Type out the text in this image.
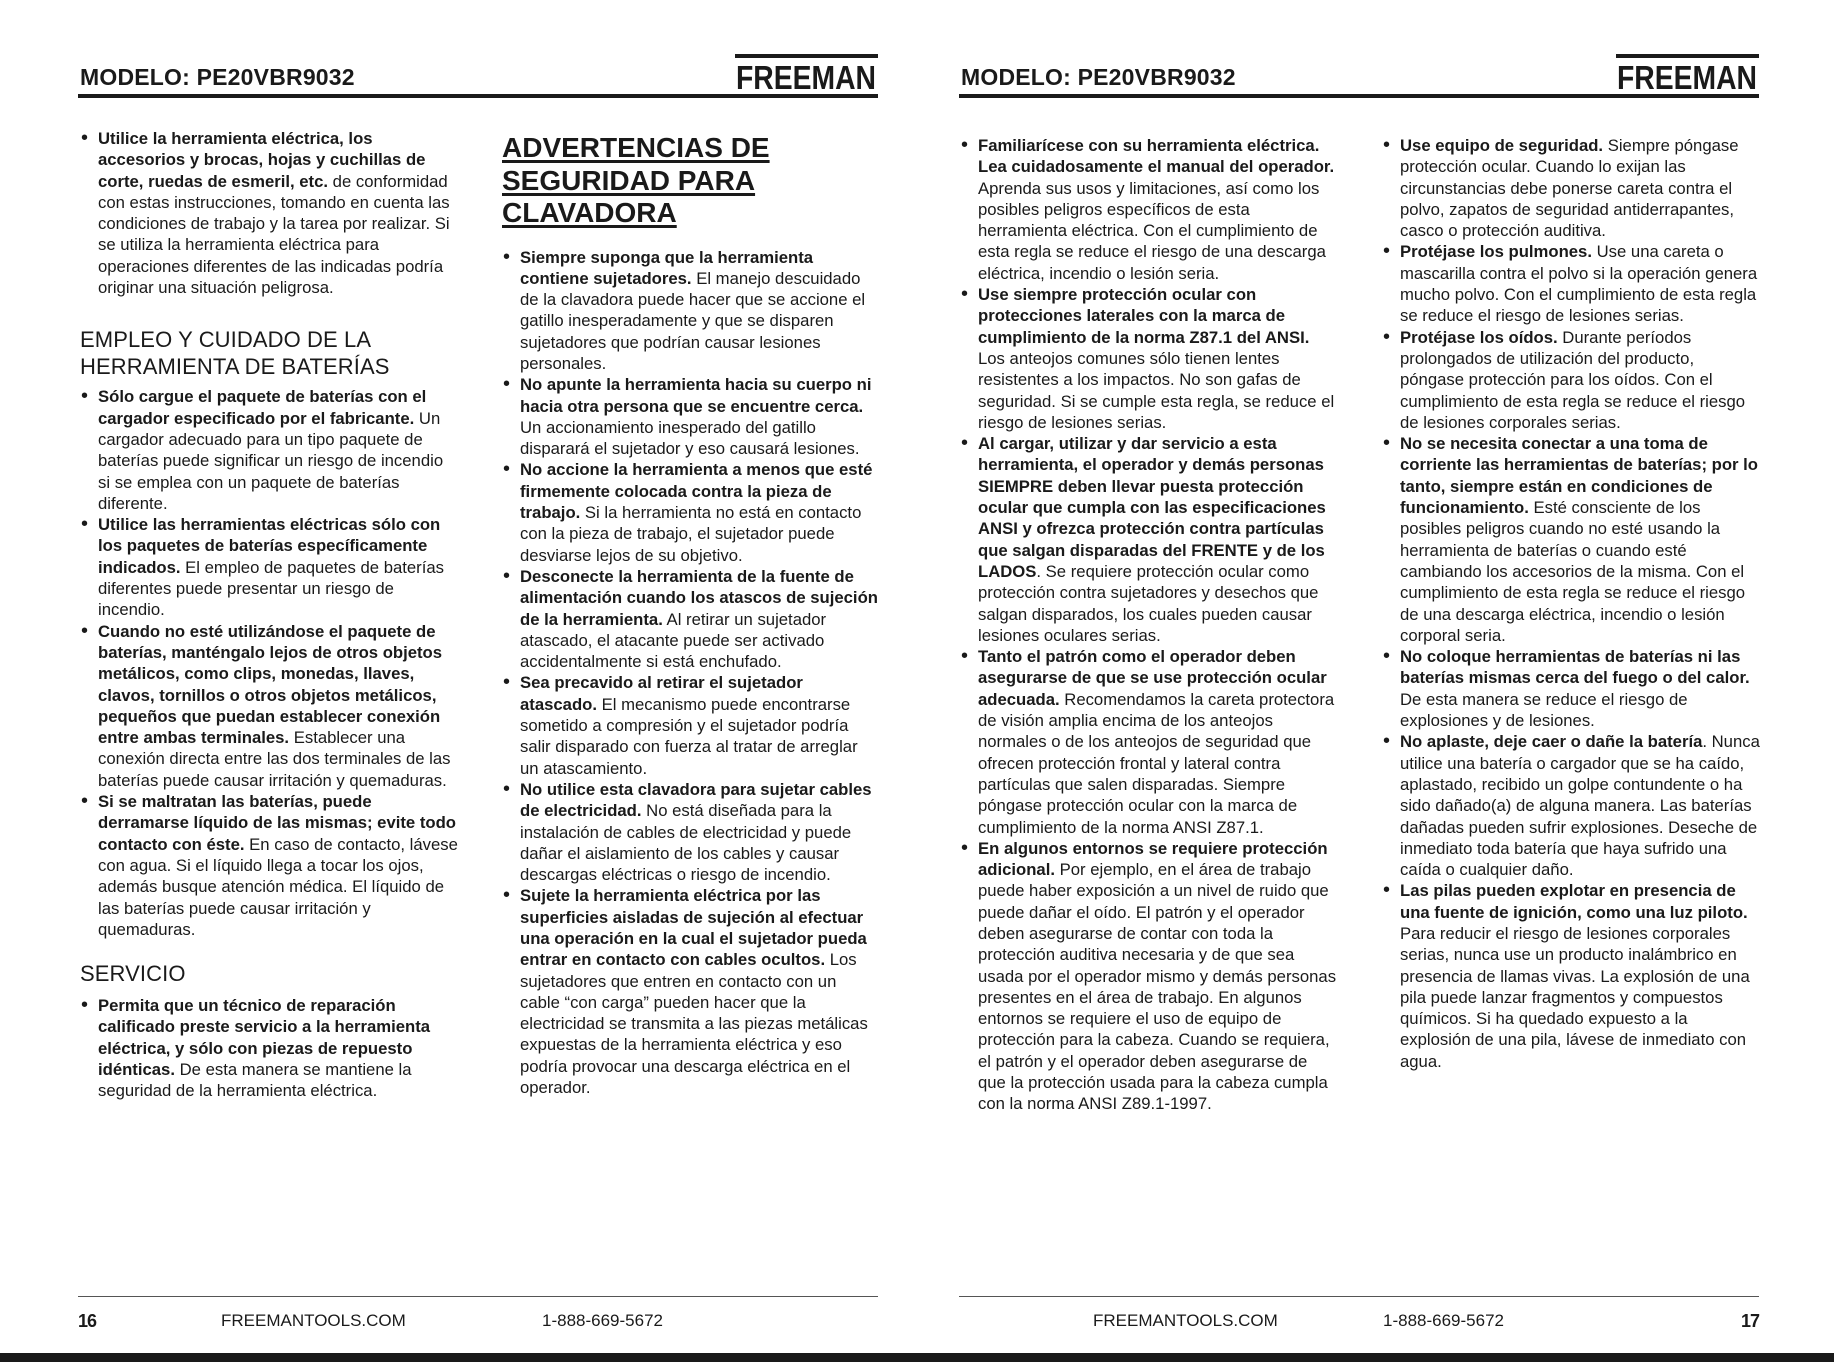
MODELO: PE20VBR9032	FREEMAN
• Utilice la herramienta eléctrica, los accesorios y brocas, hojas y cuchillas de corte, ruedas de esmeril, etc. de conformidad con estas instrucciones, tomando en cuenta las condiciones de trabajo y la tarea por realizar. Si se utiliza la herramienta eléctrica para operaciones diferentes de las indicadas podría originar una situación peligrosa.
EMPLEO Y CUIDADO DE LA HERRAMIENTA DE BATERÍAS
• Sólo cargue el paquete de baterías con el cargador especificado por el fabricante. Un cargador adecuado para un tipo paquete de baterías puede significar un riesgo de incendio si se emplea con un paquete de baterías diferente.
• Utilice las herramientas eléctricas sólo con los paquetes de baterías específicamente indicados. El empleo de paquetes de baterías diferentes puede presentar un riesgo de incendio.
• Cuando no esté utilizándose el paquete de baterías, manténgalo lejos de otros objetos metálicos, como clips, monedas, llaves, clavos, tornillos o otros objetos metálicos, pequeños que puedan establecer conexión entre ambas terminales. Establecer una conexión directa entre las dos terminales de las baterías puede causar irritación y quemaduras.
• Si se maltratan las baterías, puede derramarse líquido de las mismas; evite todo contacto con éste. En caso de contacto, lávese con agua. Si el líquido llega a tocar los ojos, además busque atención médica. El líquido de las baterías puede causar irritación y quemaduras.
SERVICIO
• Permita que un técnico de reparación calificado preste servicio a la herramienta eléctrica, y sólo con piezas de repuesto idénticas. De esta manera se mantiene la seguridad de la herramienta eléctrica.
ADVERTENCIAS DE SEGURIDAD PARA CLAVADORA
• Siempre suponga que la herramienta contiene sujetadores. El manejo descuidado de la clavadora puede hacer que se accione el gatillo inesperadamente y que se disparen sujetadores que podrían causar lesiones personales.
• No apunte la herramienta hacia su cuerpo ni hacia otra persona que se encuentre cerca. Un accionamiento inesperado del gatillo disparará el sujetador y eso causará lesiones.
• No accione la herramienta a menos que esté firmemente colocada contra la pieza de trabajo. Si la herramienta no está en contacto con la pieza de trabajo, el sujetador puede desviarse lejos de su objetivo.
• Desconecte la herramienta de la fuente de alimentación cuando los atascos de sujeción de la herramienta. Al retirar un sujetador atascado, el atacante puede ser activado accidentalmente si está enchufado.
• Sea precavido al retirar el sujetador atascado. El mecanismo puede encontrarse sometido a compresión y el sujetador podría salir disparado con fuerza al tratar de arreglar un atascamiento.
• No utilice esta clavadora para sujetar cables de electricidad. No está diseñada para la instalación de cables de electricidad y puede dañar el aislamiento de los cables y causar descargas eléctricas o riesgo de incendio.
• Sujete la herramienta eléctrica por las superficies aisladas de sujeción al efectuar una operación en la cual el sujetador pueda entrar en contacto con cables ocultos. Los sujetadores que entren en contacto con un cable “con carga” pueden hacer que la electricidad se transmita a las piezas metálicas expuestas de la herramienta eléctrica y eso podría provocar una descarga eléctrica en el operador.
16	FREEMANTOOLS.COM	1-888-669-5672
MODELO: PE20VBR9032	FREEMAN
• Familiarícese con su herramienta eléctrica. Lea cuidadosamente el manual del operador. Aprenda sus usos y limitaciones, así como los posibles peligros específicos de esta herramienta eléctrica. Con el cumplimiento de esta regla se reduce el riesgo de una descarga eléctrica, incendio o lesión seria.
• Use siempre protección ocular con protecciones laterales con la marca de cumplimiento de la norma Z87.1 del ANSI. Los anteojos comunes sólo tienen lentes resistentes a los impactos. No son gafas de seguridad. Si se cumple esta regla, se reduce el riesgo de lesiones serias.
• Al cargar, utilizar y dar servicio a esta herramienta, el operador y demás personas SIEMPRE deben llevar puesta protección ocular que cumpla con las especificaciones ANSI y ofrezca protección contra partículas que salgan disparadas del FRENTE y de los LADOS. Se requiere protección ocular como protección contra sujetadores y desechos que salgan disparados, los cuales pueden causar lesiones oculares serias.
• Tanto el patrón como el operador deben asegurarse de que se use protección ocular adecuada. Recomendamos la careta protectora de visión amplia encima de los anteojos normales o de los anteojos de seguridad que ofrecen protección frontal y lateral contra partículas que salen disparadas. Siempre póngase protección ocular con la marca de cumplimiento de la norma ANSI Z87.1.
• En algunos entornos se requiere protección adicional. Por ejemplo, en el área de trabajo puede haber exposición a un nivel de ruido que puede dañar el oído. El patrón y el operador deben asegurarse de contar con toda la protección auditiva necesaria y de que sea usada por el operador mismo y demás personas presentes en el área de trabajo. En algunos entornos se requiere el uso de equipo de protección para la cabeza. Cuando se requiera, el patrón y el operador deben asegurarse de que la protección usada para la cabeza cumpla con la norma ANSI Z89.1-1997.
• Use equipo de seguridad. Siempre póngase protección ocular. Cuando lo exijan las circunstancias debe ponerse careta contra el polvo, zapatos de seguridad antiderrapantes, casco o protección auditiva.
• Protéjase los pulmones. Use una careta o mascarilla contra el polvo si la operación genera mucho polvo. Con el cumplimiento de esta regla se reduce el riesgo de lesiones serias.
• Protéjase los oídos. Durante períodos prolongados de utilización del producto, póngase protección para los oídos. Con el cumplimiento de esta regla se reduce el riesgo de lesiones corporales serias.
• No se necesita conectar a una toma de corriente las herramientas de baterías; por lo tanto, siempre están en condiciones de funcionamiento. Esté consciente de los posibles peligros cuando no esté usando la herramienta de baterías o cuando esté cambiando los accesorios de la misma. Con el cumplimiento de esta regla se reduce el riesgo de una descarga eléctrica, incendio o lesión corporal seria.
• No coloque herramientas de baterías ni las baterías mismas cerca del fuego o del calor. De esta manera se reduce el riesgo de explosiones y de lesiones.
• No aplaste, deje caer o dañe la batería. Nunca utilice una batería o cargador que se ha caído, aplastado, recibido un golpe contundente o ha sido dañado(a) de alguna manera. Las baterías dañadas pueden sufrir explosiones. Deseche de inmediato toda batería que haya sufrido una caída o cualquier daño.
• Las pilas pueden explotar en presencia de una fuente de ignición, como una luz piloto. Para reducir el riesgo de lesiones corporales serias, nunca use un producto inalámbrico en presencia de llamas vivas. La explosión de una pila puede lanzar fragmentos y compuestos químicos. Si ha quedado expuesto a la explosión de una pila, lávese de inmediato con agua.
FREEMANTOOLS.COM	1-888-669-5672	17
